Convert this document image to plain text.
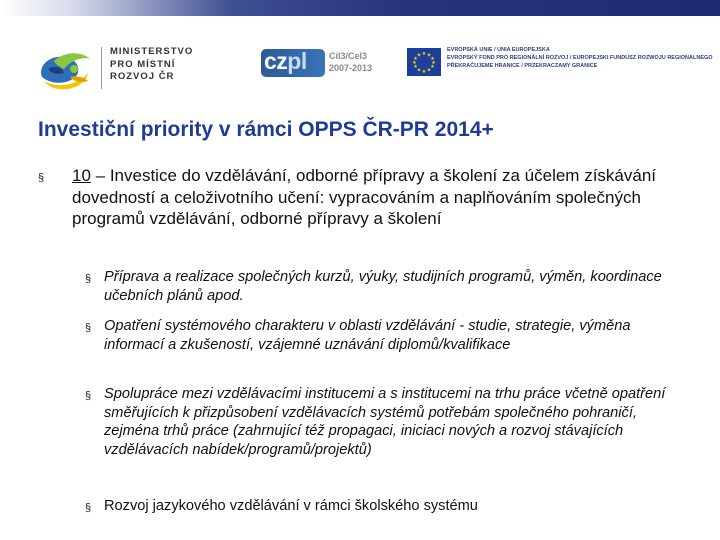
MINISTERSTVO
PRO MÍSTNÍ
ROZVOJ ČR
czpl Cíl3/Cel3
2007-2013
★ ★
★
★
★
★
★
★
★
★
★
★
EVROPSKÁ UNIE / UNIA EUROPEJSKA
EVROPSKÝ FOND PRO REGIONÁLNÍ ROZVOJ / EUROPEJSKI FUNDUSZ ROZWOJU REGIONALNEGO
PŘEKRAČUJEME HRANICE / PRZEKRACZAMY GRANICE
Investiční priority v rámci OPPS ČR-PR 2014+
§ 10 – Investice do vzdělávání, odborné přípravy a školení za účelem získávání dovedností a celoživotního učení: vypracováním a naplňováním společných programů vzdělávání, odborné přípravy a školení
§ Příprava a realizace společných kurzů, výuky, studijních programů, výměn, koordinace učebních plánů apod.
§ Opatření systémového charakteru v oblasti vzdělávání - studie, strategie, výměna informací a zkušeností, vzájemné uznávání diplomů/kvalifikace
§ Spolupráce mezi vzdělávacími institucemi a s institucemi na trhu práce včetně opatření směřujících k přizpůsobení vzdělávacích systémů potřebám společného pohraničí, zejména trhů práce (zahrnující též propagaci, iniciaci nových a rozvoj stávajících vzdělávacích nabídek/programů/projektů)
§ Rozvoj jazykového vzdělávání v rámci školského systému
